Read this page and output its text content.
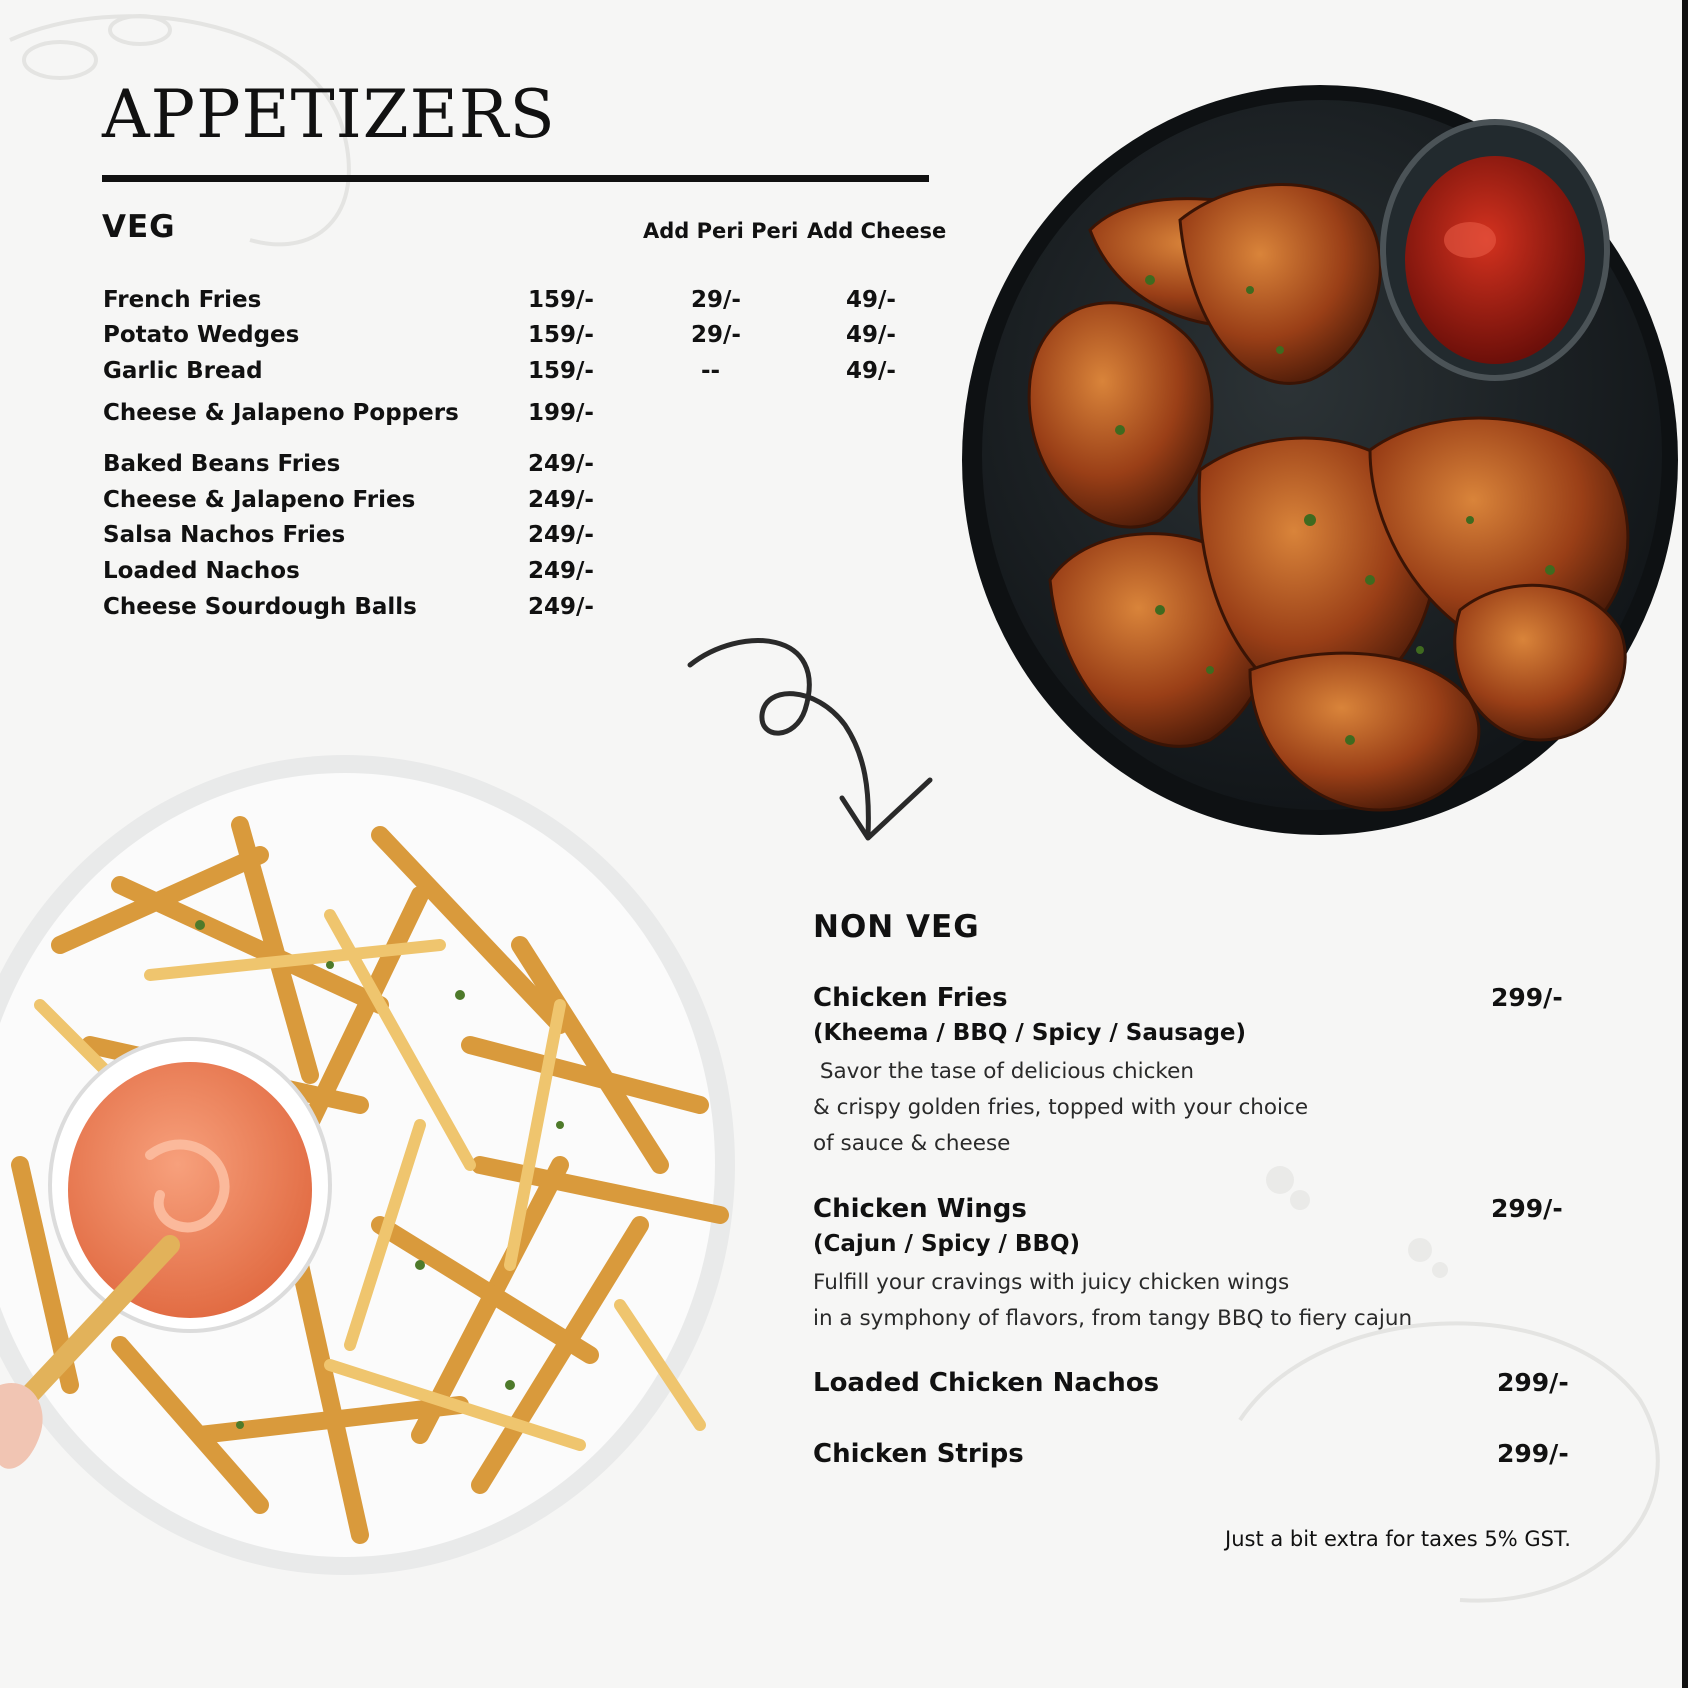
APPETIZERS
VEG	Add Peri Peri Add Cheese
French Fries	159/-	29/-	49/-
Potato Wedges	159/-	29/-	49/-
Garlic Bread	159/-	--	49/-
Cheese & Jalapeno Poppers	199/-
Baked Beans Fries	249/-
Cheese & Jalapeno Fries	249/-
Salsa Nachos Fries	249/-
Loaded Nachos	249/-
Cheese Sourdough Balls	249/-
NON VEG
Chicken Fries	299/-
(Kheema / BBQ / Spicy / Sausage)
Savor the tase of delicious chicken
& crispy golden fries, topped with your choice
of sauce & cheese
Chicken Wings	299/-
(Cajun / Spicy / BBQ)
Fulfill your cravings with juicy chicken wings
in a symphony of flavors, from tangy BBQ to fiery cajun
Loaded Chicken Nachos	299/-
Chicken Strips	299/-
Just a bit extra for taxes 5% GST.
